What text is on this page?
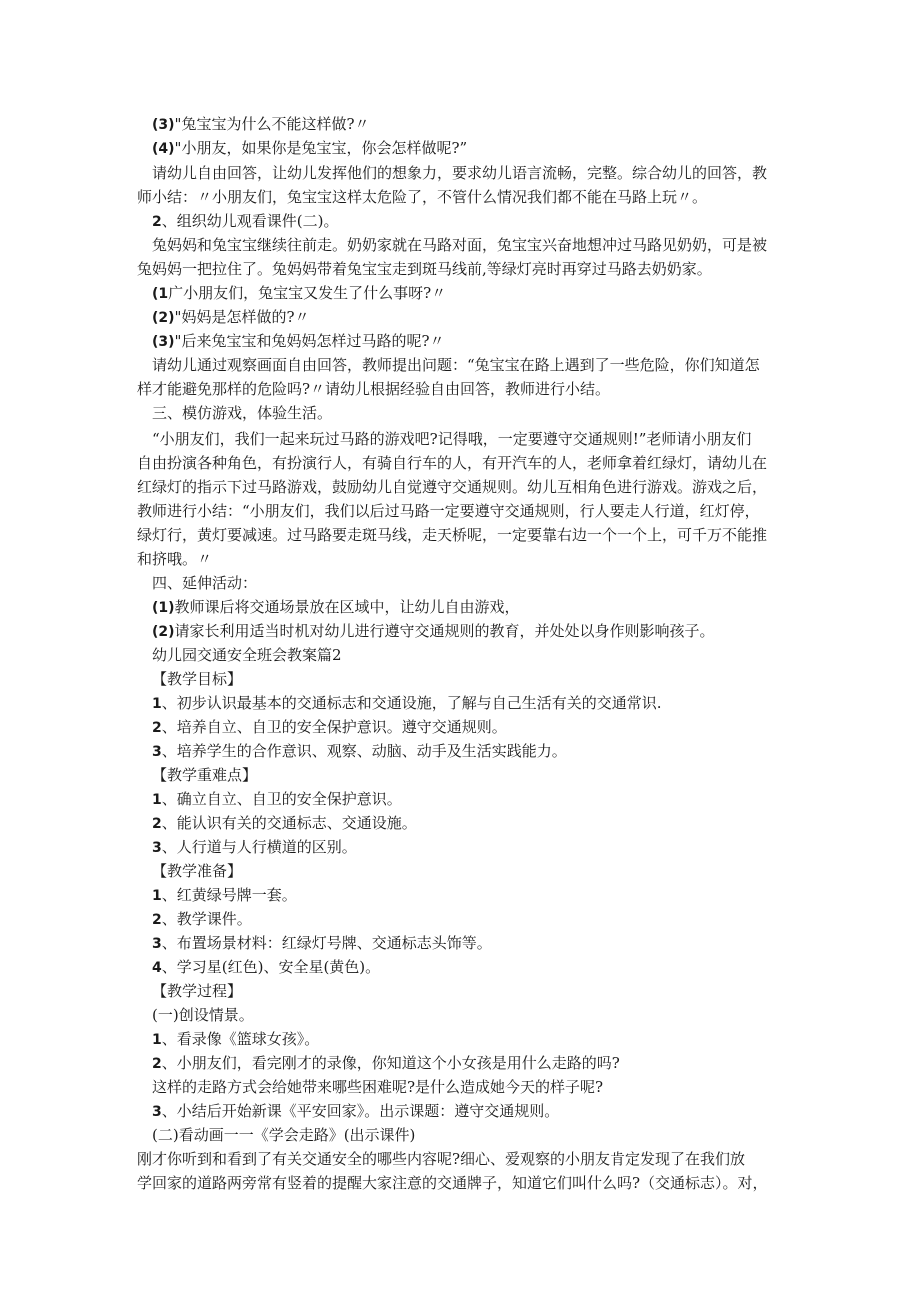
(3)"兔宝宝为什么不能这样做?〃
(4)"小朋友，如果你是兔宝宝，你会怎样做呢?”
请幼儿自由回答，让幼儿发挥他们的想象力，要求幼儿语言流畅，完整。综合幼儿的回答，教
师小结：〃小朋友们，兔宝宝这样太危险了，不管什么情况我们都不能在马路上玩〃。
2、组织幼儿观看课件(二)。
兔妈妈和兔宝宝继续往前走。奶奶家就在马路对面，兔宝宝兴奋地想冲过马路见奶奶，可是被
兔妈妈一把拉住了。兔妈妈带着兔宝宝走到斑马线前,等绿灯亮时再穿过马路去奶奶家。
(1广小朋友们，兔宝宝又发生了什么事呀?〃
(2)"妈妈是怎样做的?〃
(3)"后来兔宝宝和兔妈妈怎样过马路的呢?〃
请幼儿通过观察画面自由回答，教师提出问题：“兔宝宝在路上遇到了一些危险，你们知道怎
样才能避免那样的危险吗?〃请幼儿根据经验自由回答，教师进行小结。
三、模仿游戏，体验生活。
“小朋友们，我们一起来玩过马路的游戏吧?记得哦，一定要遵守交通规则!”老师请小朋友们
自由扮演各种角色，有扮演行人，有骑自行车的人，有开汽车的人，老师拿着红绿灯，请幼儿在
红绿灯的指示下过马路游戏，鼓励幼儿自觉遵守交通规则。幼儿互相角色进行游戏。游戏之后，
教师进行小结：“小朋友们，我们以后过马路一定要遵守交通规则，行人要走人行道，红灯停，
绿灯行，黄灯要减速。过马路要走斑马线，走天桥呢，一定要靠右边一个一个上，可千万不能推
和挤哦。〃
四、延伸活动：
(1)教师课后将交通场景放在区域中，让幼儿自由游戏，
(2)请家长利用适当时机对幼儿进行遵守交通规则的教育，并处处以身作则影响孩子。
幼儿园交通安全班会教案篇2
【教学目标】
1、初步认识最基本的交通标志和交通设施，了解与自己生活有关的交通常识.
2、培养自立、自卫的安全保护意识。遵守交通规则。
3、培养学生的合作意识、观察、动脑、动手及生活实践能力。
【教学重难点】
1、确立自立、自卫的安全保护意识。
2、能认识有关的交通标志、交通设施。
3、人行道与人行横道的区别。
【教学准备】
1、红黄绿号牌一套。
2、教学课件。
3、布置场景材料：红绿灯号牌、交通标志头饰等。
4、学习星(红色)、安全星(黄色)。
【教学过程】
(一)创设情景。
1、看录像《篮球女孩》。
2、小朋友们，看完刚才的录像，你知道这个小女孩是用什么走路的吗?
这样的走路方式会给她带来哪些困难呢?是什么造成她今天的样子呢?
3、小结后开始新课《平安回家》。出示课题：遵守交通规则。
(二)看动画一一《学会走路》(出示课件)
刚才你听到和看到了有关交通安全的哪些内容呢?细心、爱观察的小朋友肯定发现了在我们放
学回家的道路两旁常有竖着的提醒大家注意的交通牌子，知道它们叫什么吗?（交通标志）。对，
